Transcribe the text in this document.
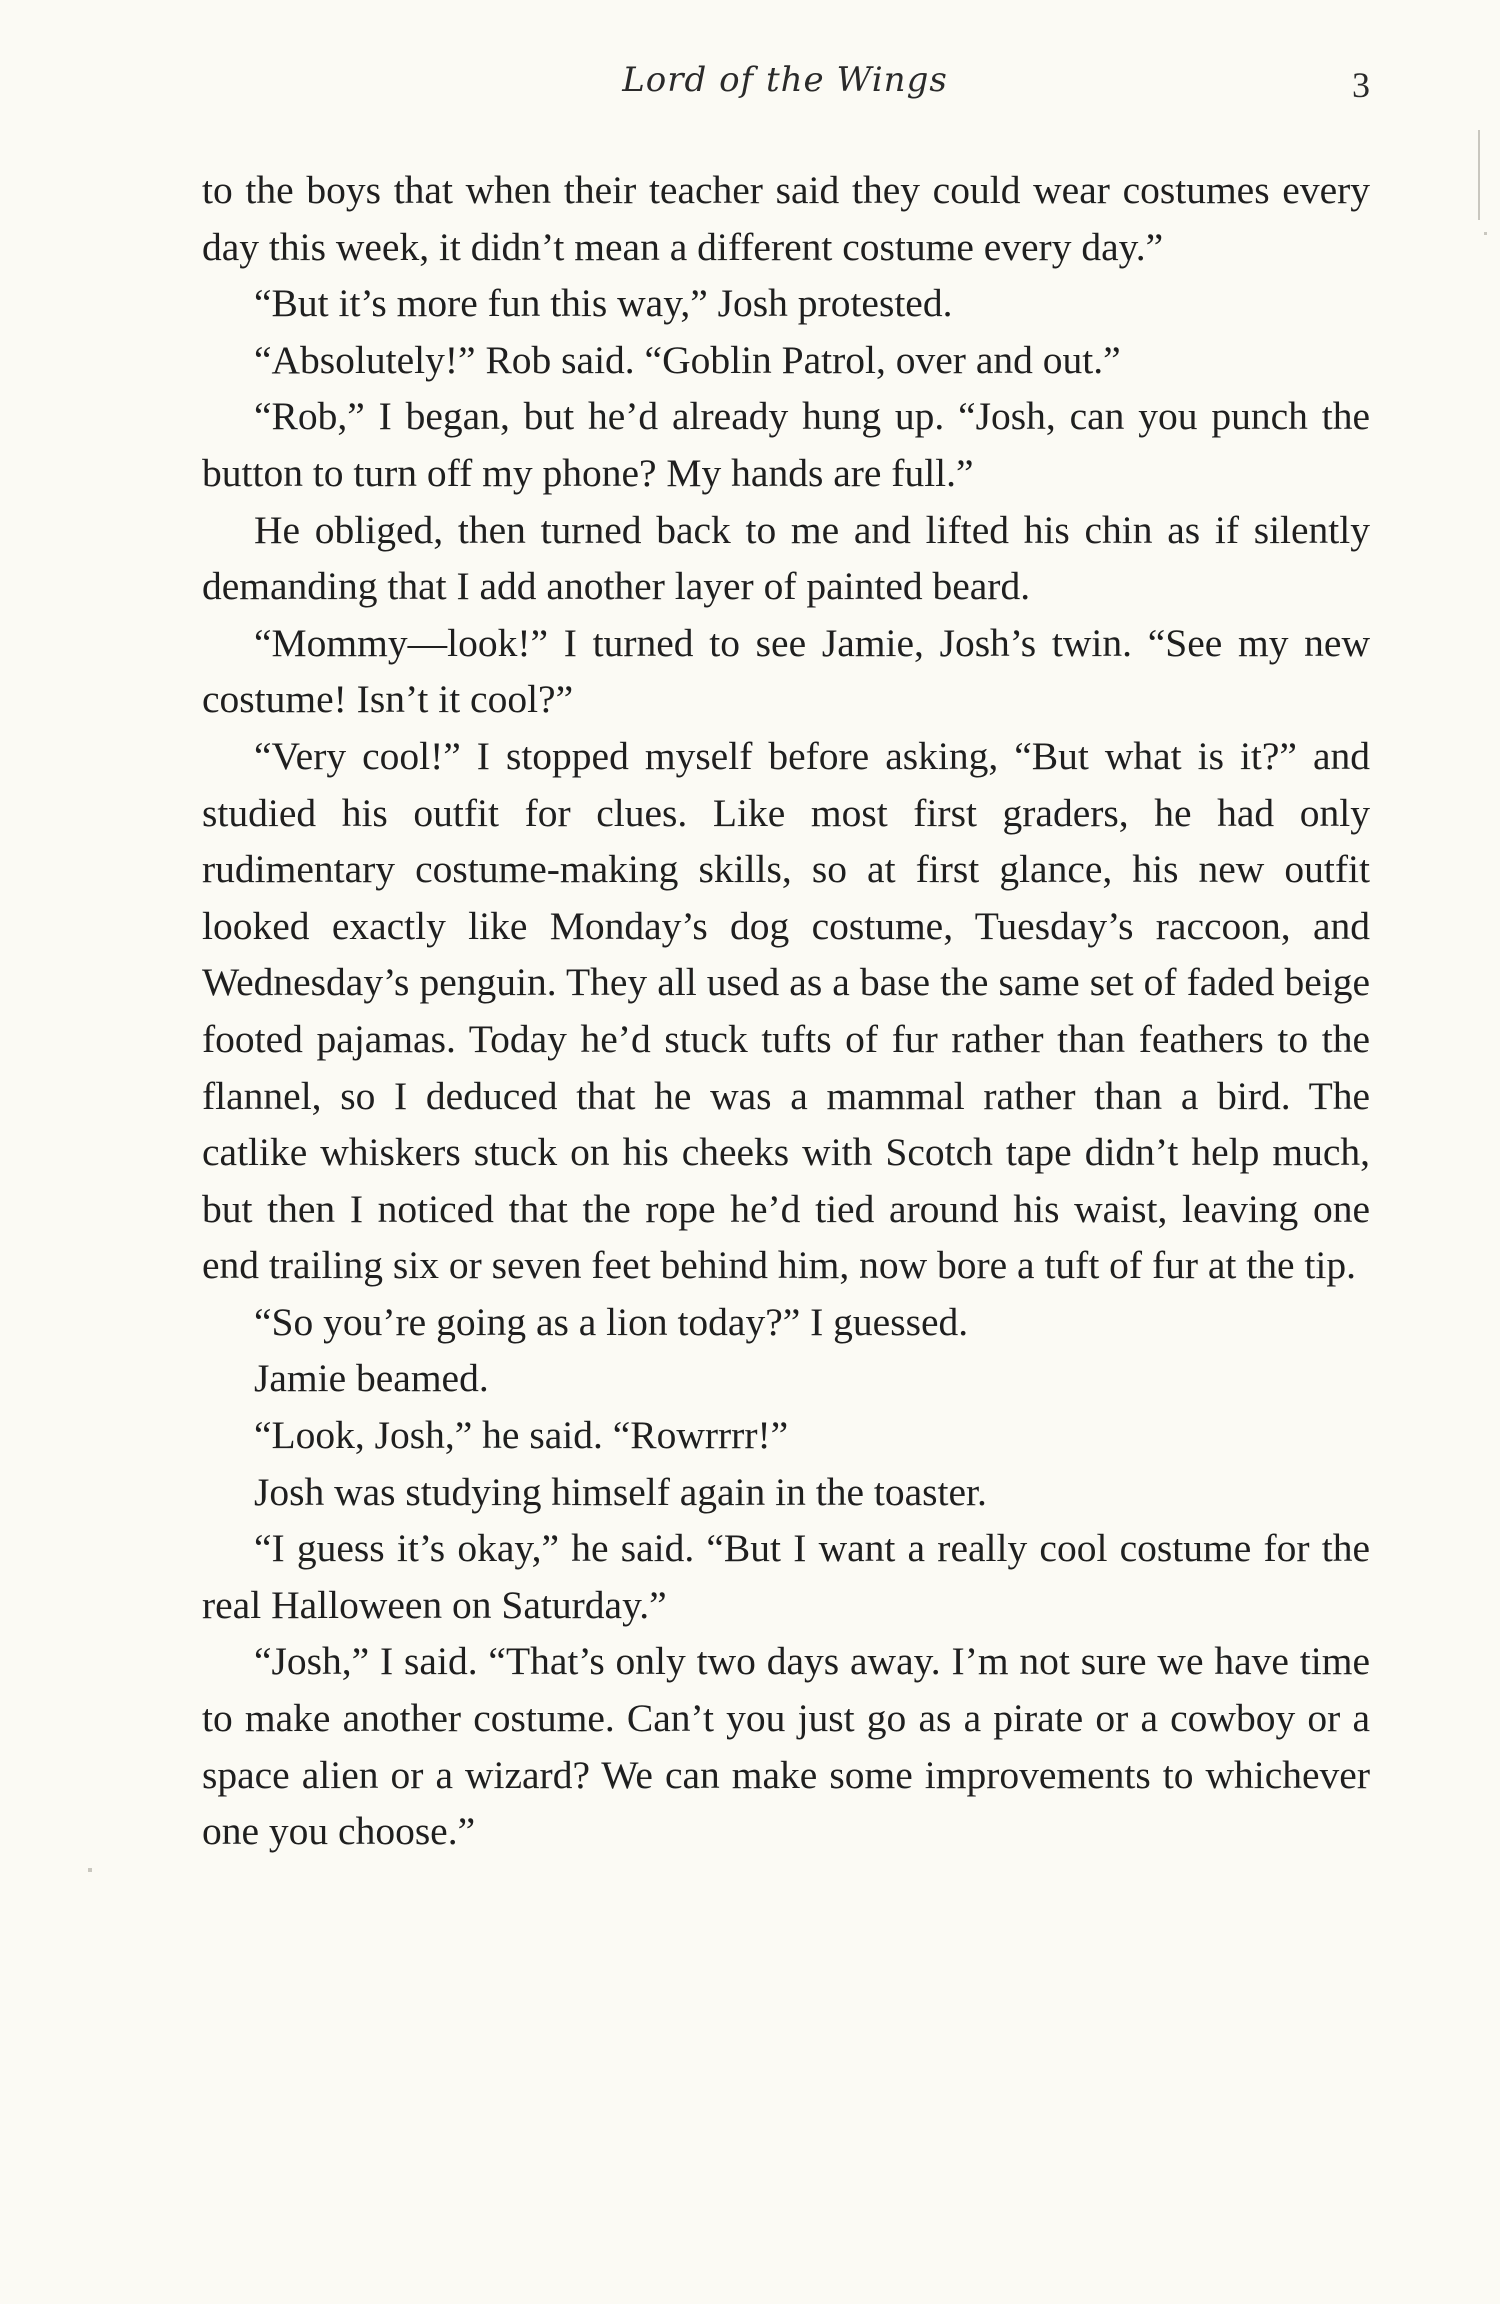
Lord of the Wings	3

to the boys that when their teacher said they could wear costumes every day this week, it didn’t mean a different costume every day.”

“But it’s more fun this way,” Josh protested.

“Absolutely!” Rob said. “Goblin Patrol, over and out.”

“Rob,” I began, but he’d already hung up. “Josh, can you punch the button to turn off my phone? My hands are full.”

He obliged, then turned back to me and lifted his chin as if silently demanding that I add another layer of painted beard.

“Mommy—look!” I turned to see Jamie, Josh’s twin. “See my new costume! Isn’t it cool?”

“Very cool!” I stopped myself before asking, “But what is it?” and studied his outfit for clues. Like most first graders, he had only rudimentary costume-making skills, so at first glance, his new outfit looked exactly like Monday’s dog costume, Tuesday’s raccoon, and Wednesday’s penguin. They all used as a base the same set of faded beige footed pajamas. Today he’d stuck tufts of fur rather than feathers to the flannel, so I deduced that he was a mammal rather than a bird. The catlike whiskers stuck on his cheeks with Scotch tape didn’t help much, but then I noticed that the rope he’d tied around his waist, leaving one end trailing six or seven feet behind him, now bore a tuft of fur at the tip.

“So you’re going as a lion today?” I guessed.

Jamie beamed.

“Look, Josh,” he said. “Rowrrrr!”

Josh was studying himself again in the toaster.

“I guess it’s okay,” he said. “But I want a really cool costume for the real Halloween on Saturday.”

“Josh,” I said. “That’s only two days away. I’m not sure we have time to make another costume. Can’t you just go as a pirate or a cowboy or a space alien or a wizard? We can make some improvements to whichever one you choose.”
